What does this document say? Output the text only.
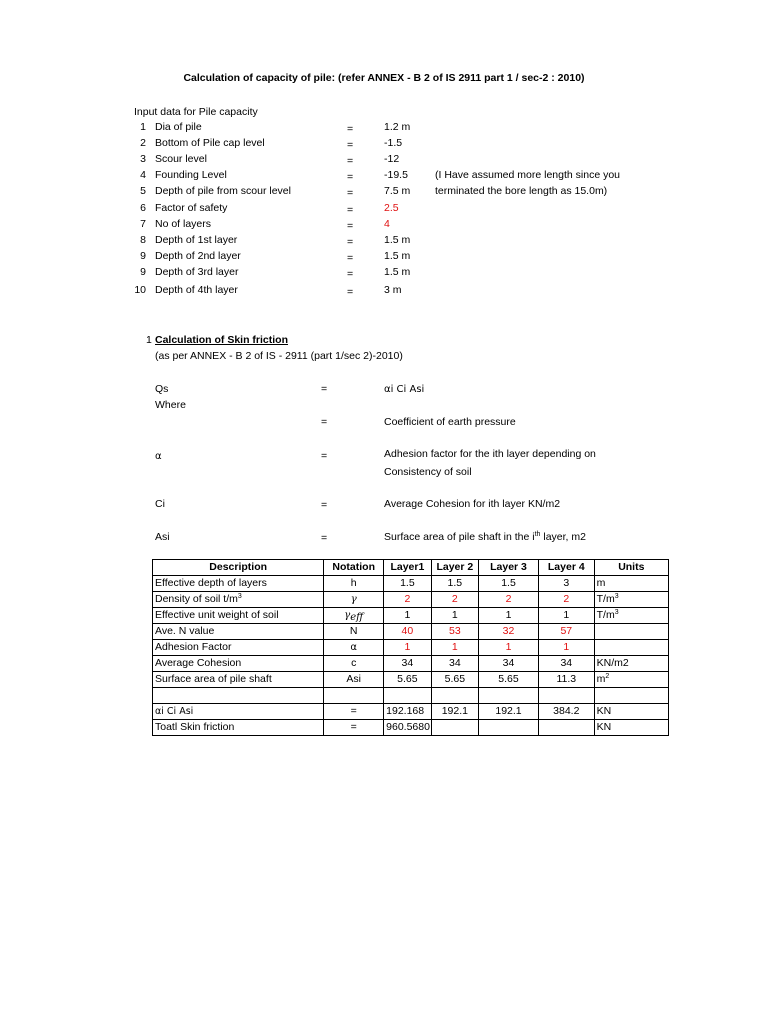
Calculation of capacity of pile: (refer ANNEX - B 2 of IS 2911 part 1 / sec-2 : 2010)
Input data for Pile capacity
1 Dia of pile	=	1.2 m
2 Bottom of Pile cap level	=	-1.5
3 Scour level	=	-12
4 Founding Level	=	-19.5
5 Depth of pile from scour level	=	7.5 m
6 Factor of safety	=	2.5
7 No of layers	=	4
8 Depth of 1st layer	=	1.5 m
9 Depth of 2nd layer	=	1.5 m
9 Depth of 3rd layer	=	1.5 m
10 Depth of 4th layer	=	3 m
(I Have assumed more length since you
terminated the bore length as 15.0m)
1 Calculation of Skin friction
(as per ANNEX - B 2 of IS - 2911 (part 1/sec 2)-2010)
Qs	=	αi Ci Asi
Where
=	Coefficient of earth pressure
α	=	Adhesion factor for the ith layer depending on
Consistency of soil
Ci	=	Average Cohesion for ith layer KN/m2
Asi	=	Surface area of pile shaft in the $i^{th}$ layer, m2
Description	Notation	Layer1	Layer 2	Layer 3	Layer 4	Units
Effective depth of layers	h	1.5	1.5	1.5	3	m
Density of soil $t/m^3$	γ	2	2	2	2	$T/m^3$
Effective unit weight of soil	$\gamma_{eff}$	1	1	1	1	$T/m^3$
Ave. N value	N	40	53	32	57	
Adhesion Factor	α	1	1	1	1	
Average Cohesion	c	34	34	34	34	KN/m2
Surface area of pile shaft	Asi	5.65	5.65	5.65	11.3	$m^2$

αi Ci Asi	=	192.168	192.1	192.1	384.2	KN
Toatl Skin friction	=	960.5680				KN
